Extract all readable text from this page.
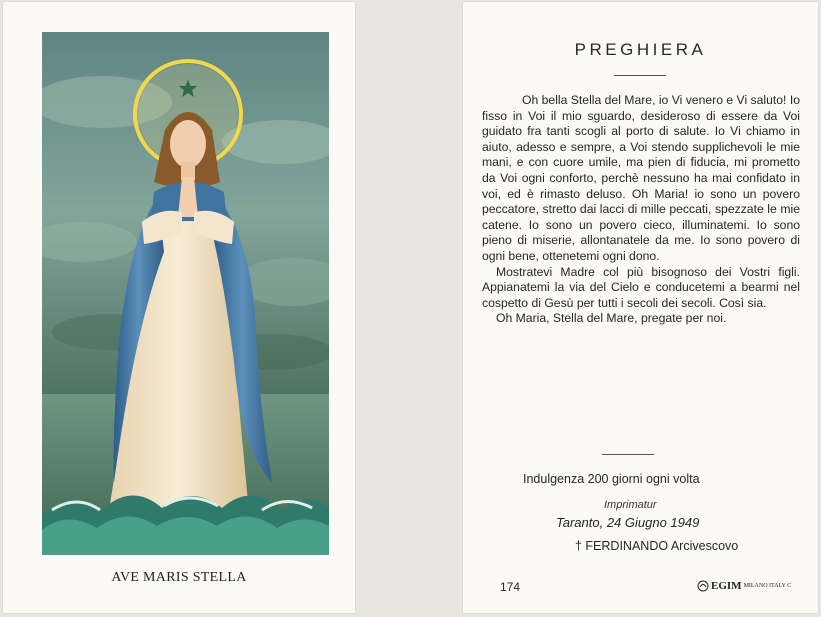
AVE MARIS STELLA
PREGHIERA

Oh bella Stella del Mare, io Vi venero e Vi saluto! Io fisso in Voi il mio sguardo, desideroso di essere da Voi guidato fra tanti scogli al porto di salute. Io Vi chiamo in aiuto, adesso e sempre, a Voi stendo supplichevoli le mie mani, e con cuore umile, ma pien di fiducia, mi prometto da Voi ogni conforto, perchè nessuno ha mai confidato in voi, ed è rimasto deluso. Oh Maria! io sono un povero peccatore, stretto dai lacci di mille peccati, spezzate le mie catene. Io sono un povero cieco, illuminatemi. Io sono pieno di miserie, allontanatele da me. Io sono povero di ogni bene, ottenetemi ogni dono.

Mostratevi Madre col più bisognoso dei Vostri figli. Appianatemi la via del Cielo e conducetemi a bearmi nel cospetto di Gesù per tutti i secoli dei secoli. Così sia.

Oh Maria, Stella del Mare, pregate per noi.

Indulgenza 200 giorni ogni volta
Imprimatur
Taranto, 24 Giugno 1949
† FERDINANDO Arcivescovo
174	EGIM MILANO ITALY C
